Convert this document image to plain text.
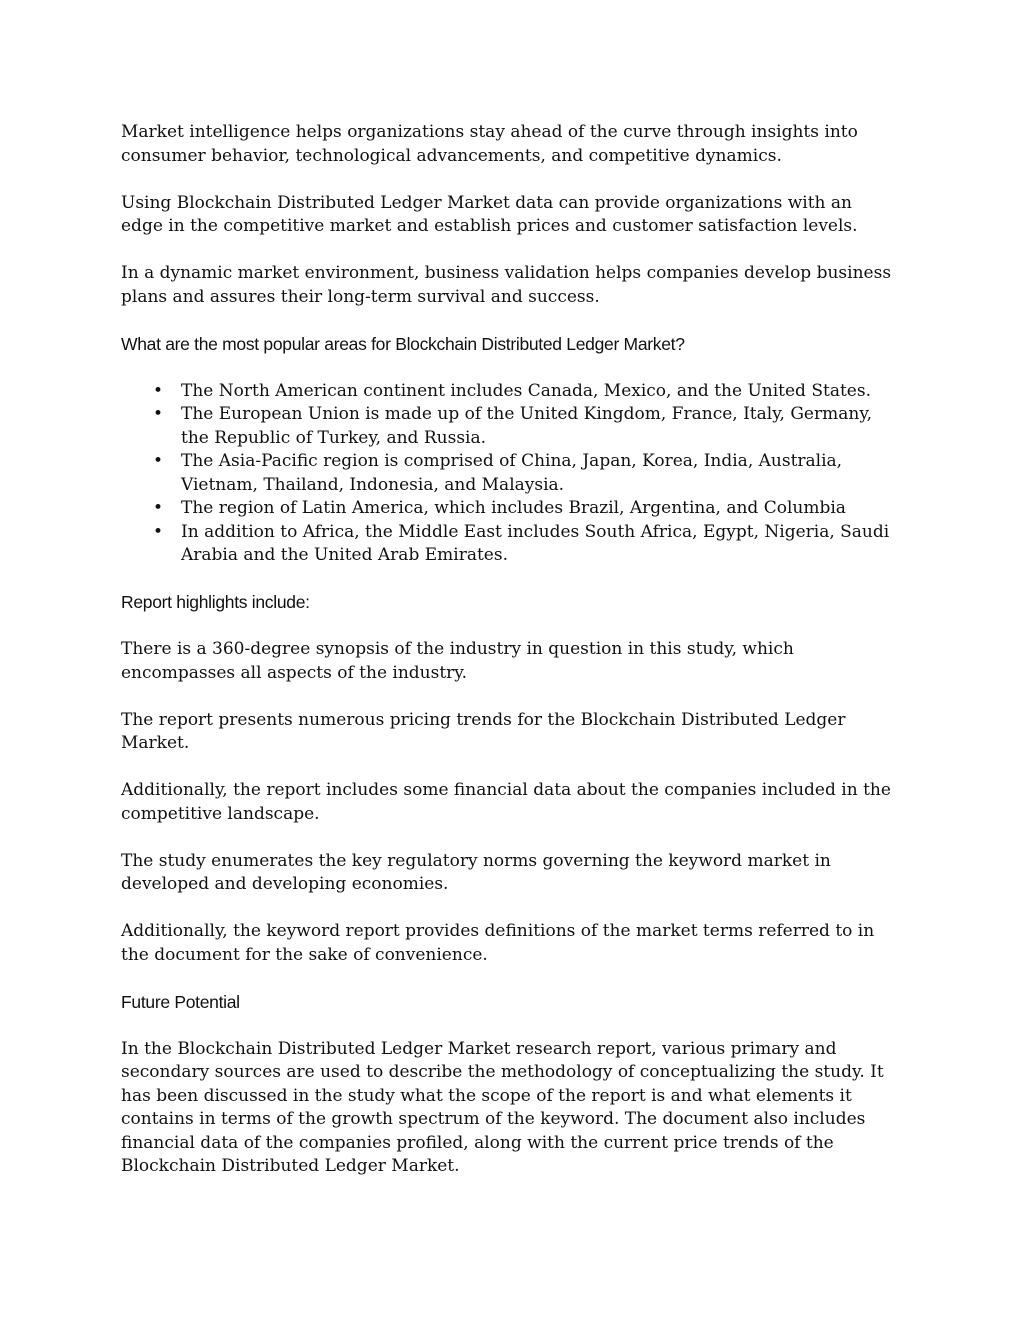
Market intelligence helps organizations stay ahead of the curve through insights into consumer behavior, technological advancements, and competitive dynamics.

Using Blockchain Distributed Ledger Market data can provide organizations with an edge in the competitive market and establish prices and customer satisfaction levels.

In a dynamic market environment, business validation helps companies develop business plans and assures their long-term survival and success.

What are the most popular areas for Blockchain Distributed Ledger Market?
• The North American continent includes Canada, Mexico, and the United States.
• The European Union is made up of the United Kingdom, France, Italy, Germany, the Republic of Turkey, and Russia.
• The Asia-Pacific region is comprised of China, Japan, Korea, India, Australia, Vietnam, Thailand, Indonesia, and Malaysia.
• The region of Latin America, which includes Brazil, Argentina, and Columbia
• In addition to Africa, the Middle East includes South Africa, Egypt, Nigeria, Saudi Arabia and the United Arab Emirates.
Report highlights include:

There is a 360-degree synopsis of the industry in question in this study, which encompasses all aspects of the industry.

The report presents numerous pricing trends for the Blockchain Distributed Ledger Market.

Additionally, the report includes some financial data about the companies included in the competitive landscape.

The study enumerates the key regulatory norms governing the keyword market in developed and developing economies.

Additionally, the keyword report provides definitions of the market terms referred to in the document for the sake of convenience.

Future Potential

In the Blockchain Distributed Ledger Market research report, various primary and secondary sources are used to describe the methodology of conceptualizing the study. It has been discussed in the study what the scope of the report is and what elements it contains in terms of the growth spectrum of the keyword. The document also includes financial data of the companies profiled, along with the current price trends of the Blockchain Distributed Ledger Market.
